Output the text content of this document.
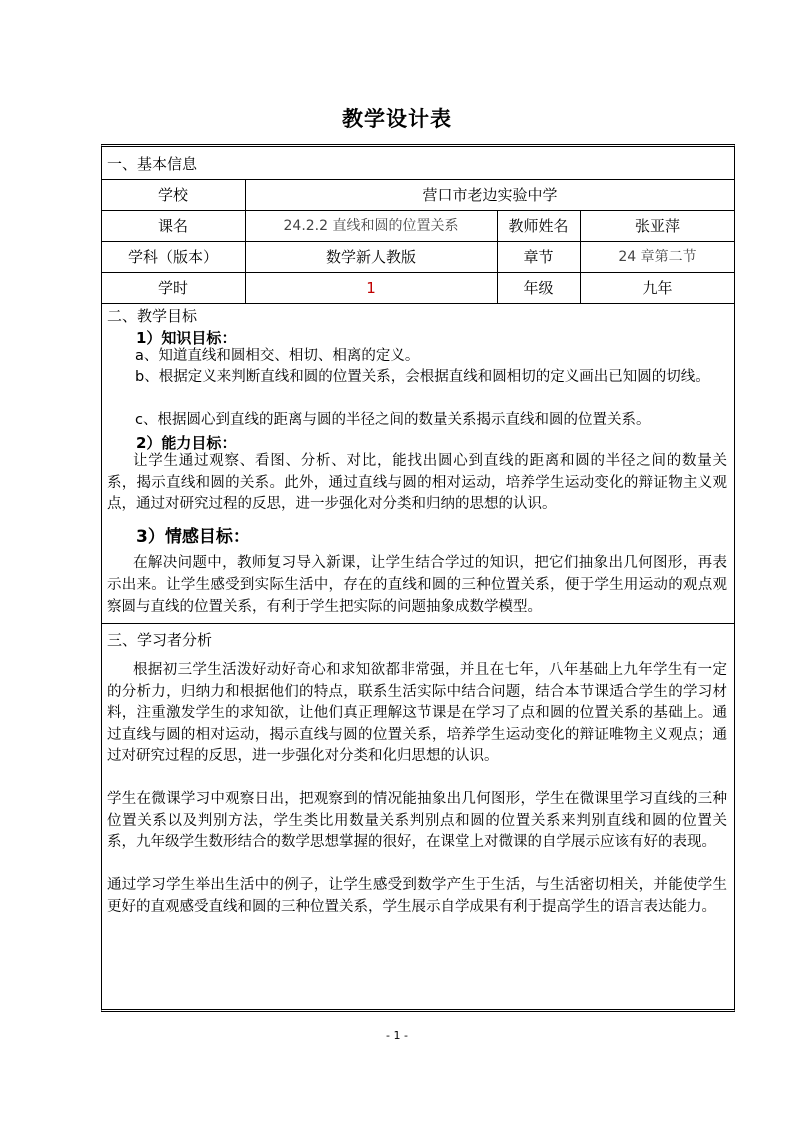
教学设计表
一、基本信息
学校	营口市老边实验中学
课名	24.2.2 直线和圆的位置关系	教师姓名	张亚萍
学科（版本）	数学新人教版	章节	24 章第二节
学时	1	年级	九年
二、教学目标
1）知识目标：
a、知道直线和圆相交、相切、相离的定义。
b、根据定义来判断直线和圆的位置关系，会根据直线和圆相切的定义画出已知圆的切线。
c、根据圆心到直线的距离与圆的半径之间的数量关系揭示直线和圆的位置关系。
2）能力目标：
让学生通过观察、看图、分析、对比，能找出圆心到直线的距离和圆的半径之间的数量关系，揭示直线和圆的关系。此外，通过直线与圆的相对运动，培养学生运动变化的辩证物主义观点，通过对研究过程的反思，进一步强化对分类和归纳的思想的认识。
3）情感目标：
在解决问题中，教师复习导入新课，让学生结合学过的知识，把它们抽象出几何图形，再表示出来。让学生感受到实际生活中，存在的直线和圆的三种位置关系，便于学生用运动的观点观察圆与直线的位置关系，有利于学生把实际的问题抽象成数学模型。
三、学习者分析
根据初三学生活泼好动好奇心和求知欲都非常强，并且在七年，八年基础上九年学生有一定的分析力，归纳力和根据他们的特点，联系生活实际中结合问题，结合本节课适合学生的学习材料，注重激发学生的求知欲，让他们真正理解这节课是在学习了点和圆的位置关系的基础上。通过直线与圆的相对运动，揭示直线与圆的位置关系，培养学生运动变化的辩证唯物主义观点；通过对研究过程的反思，进一步强化对分类和化归思想的认识。
学生在微课学习中观察日出，把观察到的情况能抽象出几何图形，学生在微课里学习直线的三种位置关系以及判别方法，学生类比用数量关系判别点和圆的位置关系来判别直线和圆的位置关系，九年级学生数形结合的数学思想掌握的很好，在课堂上对微课的自学展示应该有好的表现。
通过学习学生举出生活中的例子，让学生感受到数学产生于生活，与生活密切相关，并能使学生更好的直观感受直线和圆的三种位置关系，学生展示自学成果有利于提高学生的语言表达能力。
- 1 -
